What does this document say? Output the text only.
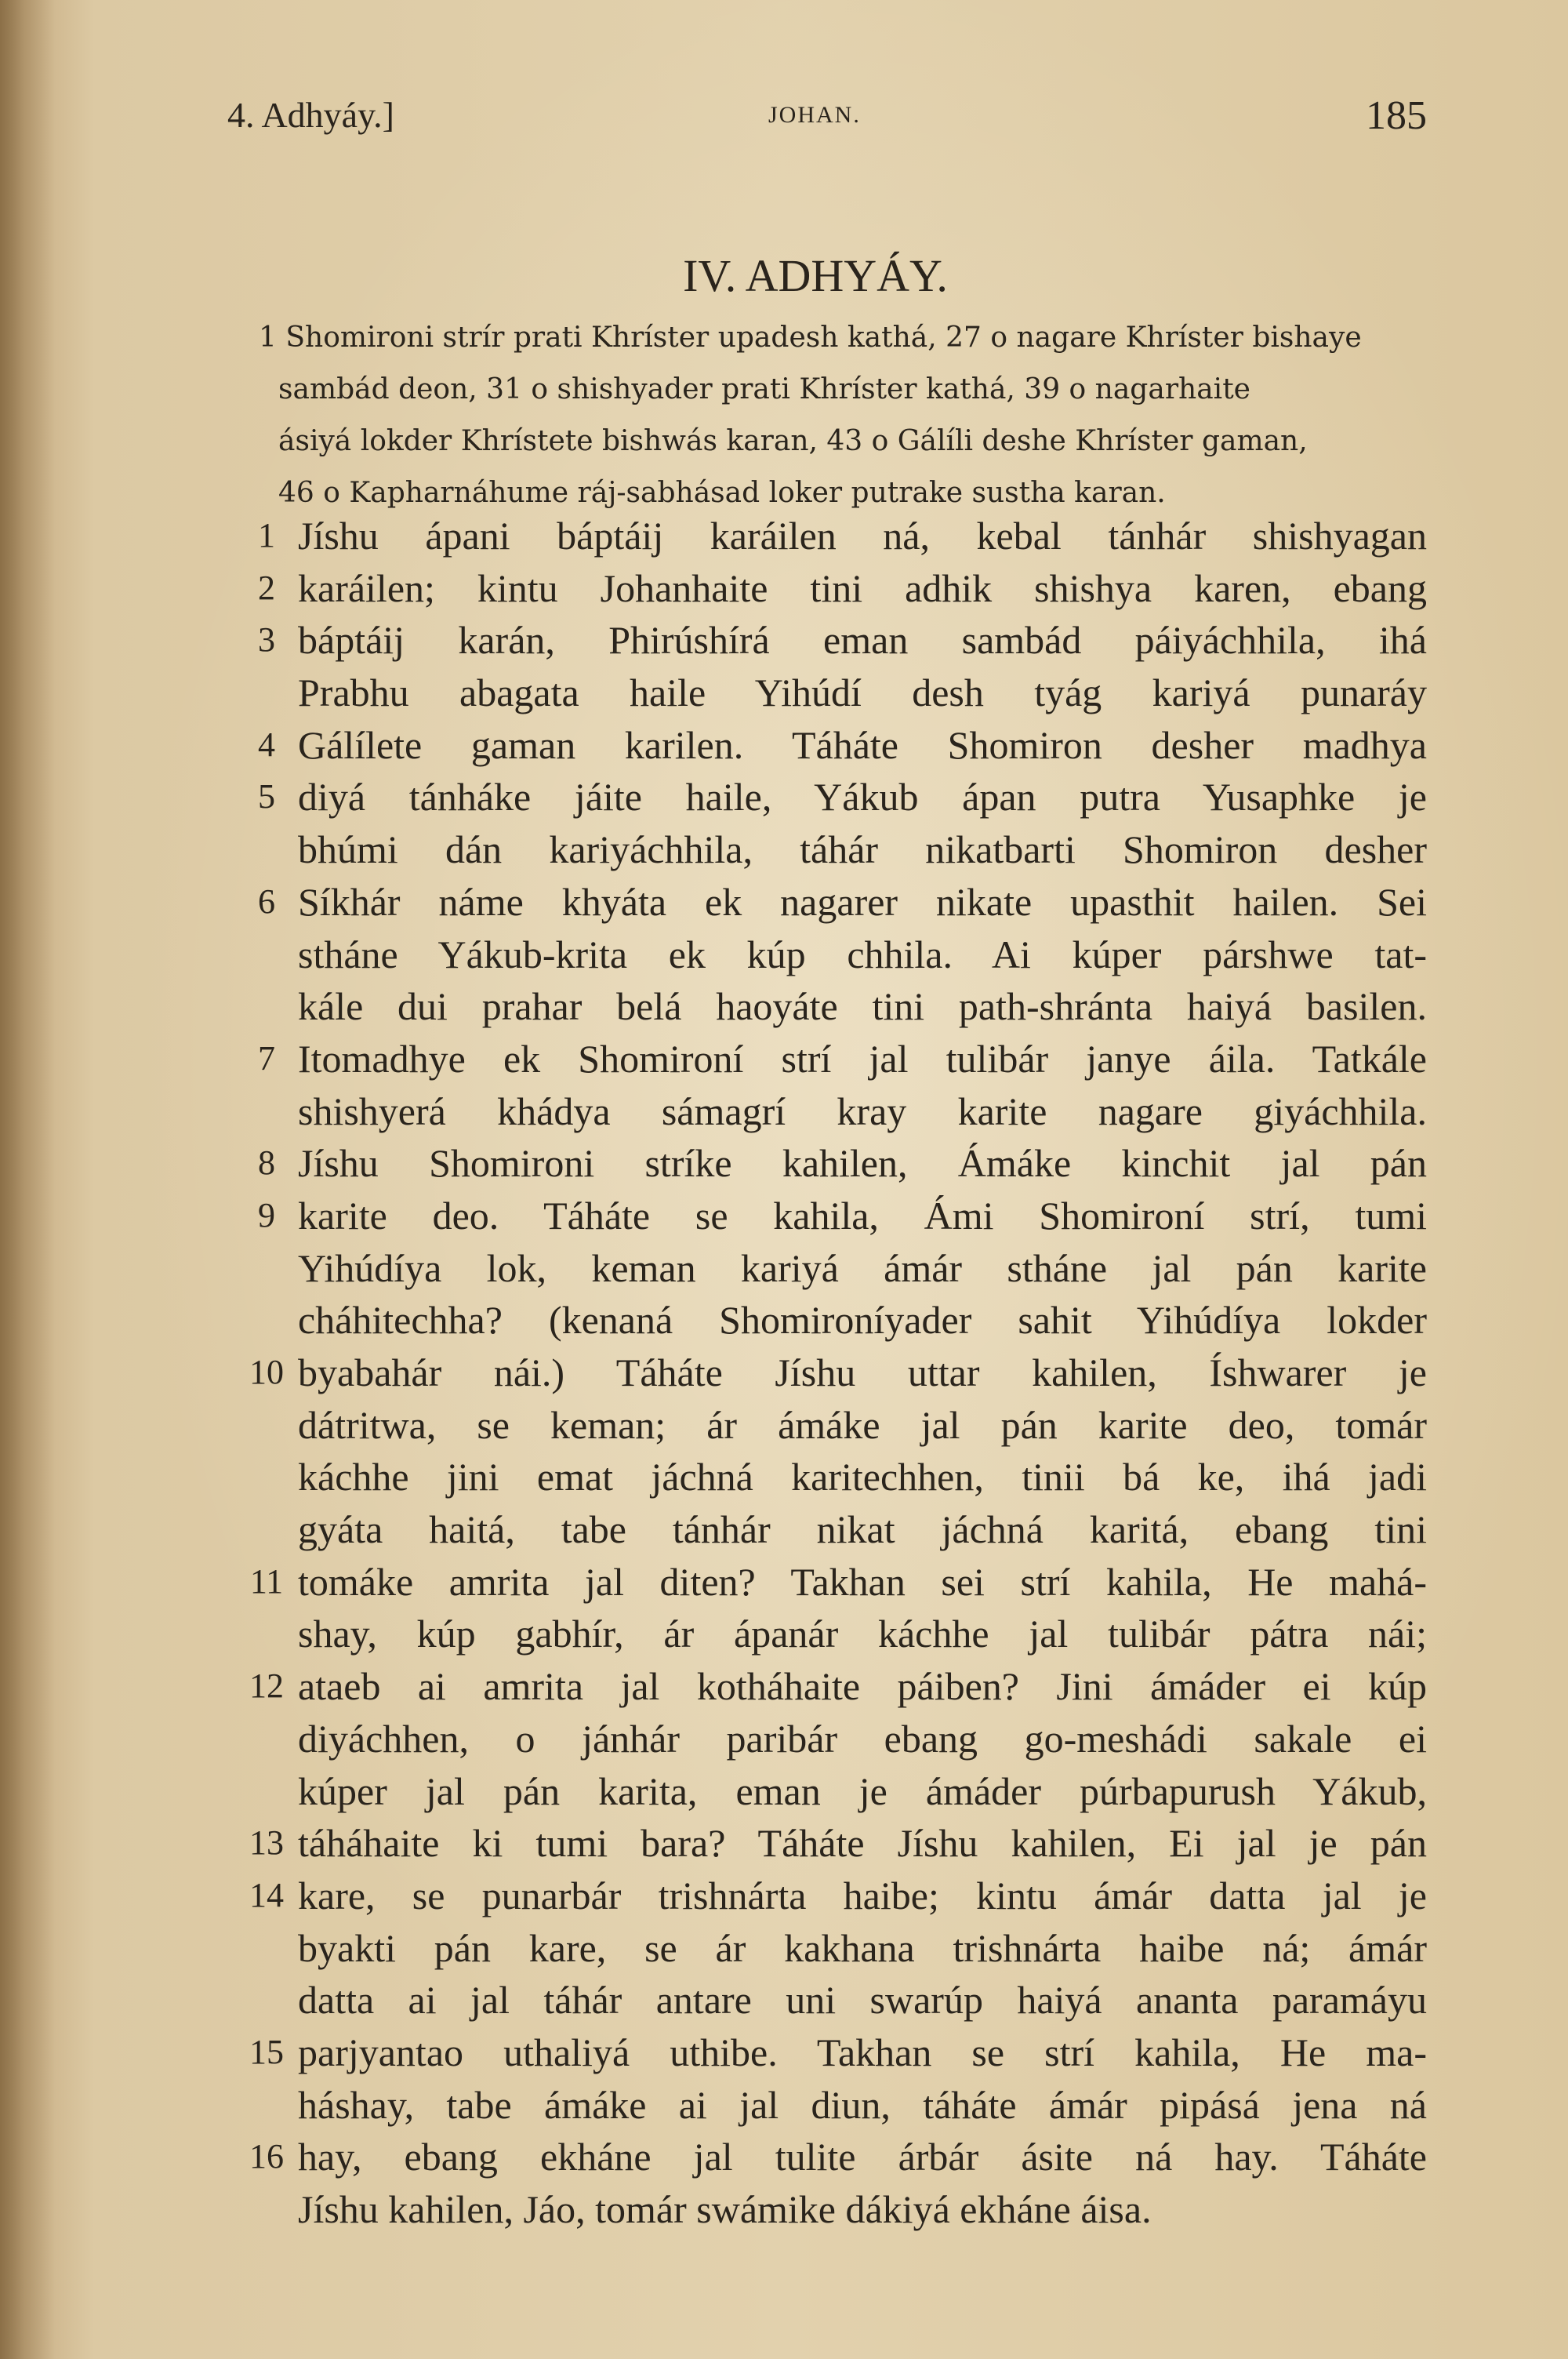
4. Adhyáy.]	JOHAN.	185
IV. ADHYÁY.
1 Shomironi strír prati Khríster upadesh kathá, 27 o nagare Khríster bishaye
sambád deon, 31 o shishyader prati Khríster kathá, 39 o nagarhaite
ásiyá lokder Khrístete bishwás karan, 43 o Gálíli deshe Khríster gaman,
46 o Kapharnáhume ráj-sabhásad loker putrake sustha karan.
1 Jíshu ápani báptáij karáilen ná, kebal tánhár shishyagan
2 karáilen; kintu Johanhaite tini adhik shishya karen, ebang
3 báptáij karán, Phirúshírá eman sambád páiyáchhila, ihá
Prabhu abagata haile Yihúdí desh tyág kariyá punaráy
4 Gálílete gaman karilen. Táháte Shomiron desher madhya
5 diyá tánháke jáite haile, Yákub ápan putra Yusaphke je
bhúmi dán kariyáchhila, táhár nikatbarti Shomiron desher
6 Síkhár náme khyáta ek nagarer nikate upasthit hailen. Sei
stháne Yákub-krita ek kúp chhila. Ai kúper párshwe tat-
kále dui prahar belá haoyáte tini path-shránta haiyá basilen.
7 Itomadhye ek Shomironí strí jal tulibár janye áila. Tatkále
shishyerá khádya sámagrí kray karite nagare giyáchhila.
8 Jíshu Shomironi stríke kahilen, Ámáke kinchit jal pán
9 karite deo. Táháte se kahila, Ámi Shomironí strí, tumi
Yihúdíya lok, keman kariyá ámár stháne jal pán karite
cháhitechha? (kenaná Shomironíyader sahit Yihúdíya lokder
10 byabahár nái.) Táháte Jíshu uttar kahilen, Íshwarer je
dátritwa, se keman; ár ámáke jal pán karite deo, tomár
káchhe jini emat jáchná karitechhen, tinii bá ke, ihá jadi
gyáta haitá, tabe tánhár nikat jáchná karitá, ebang tini
11 tomáke amrita jal diten? Takhan sei strí kahila, He mahá-
shay, kúp gabhír, ár ápanár káchhe jal tulibár pátra nái;
12 ataeb ai amrita jal kotháhaite páiben? Jini ámáder ei kúp
diyáchhen, o jánhár paribár ebang go-meshádi sakale ei
kúper jal pán karita, eman je ámáder púrbapurush Yákub,
13 táháhaite ki tumi bara? Táháte Jíshu kahilen, Ei jal je pán
14 kare, se punarbár trishnárta haibe; kintu ámár datta jal je
byakti pán kare, se ár kakhana trishnárta haibe ná; ámár
datta ai jal táhár antare uni swarúp haiyá ananta paramáyu
15 parjyantao uthaliyá uthibe. Takhan se strí kahila, He ma-
háshay, tabe ámáke ai jal diun, táháte ámár pipásá jena ná
16 hay, ebang ekháne jal tulite árbár ásite ná hay. Táháte
Jíshu kahilen, Jáo, tomár swámike dákiyá ekháne áisa.
